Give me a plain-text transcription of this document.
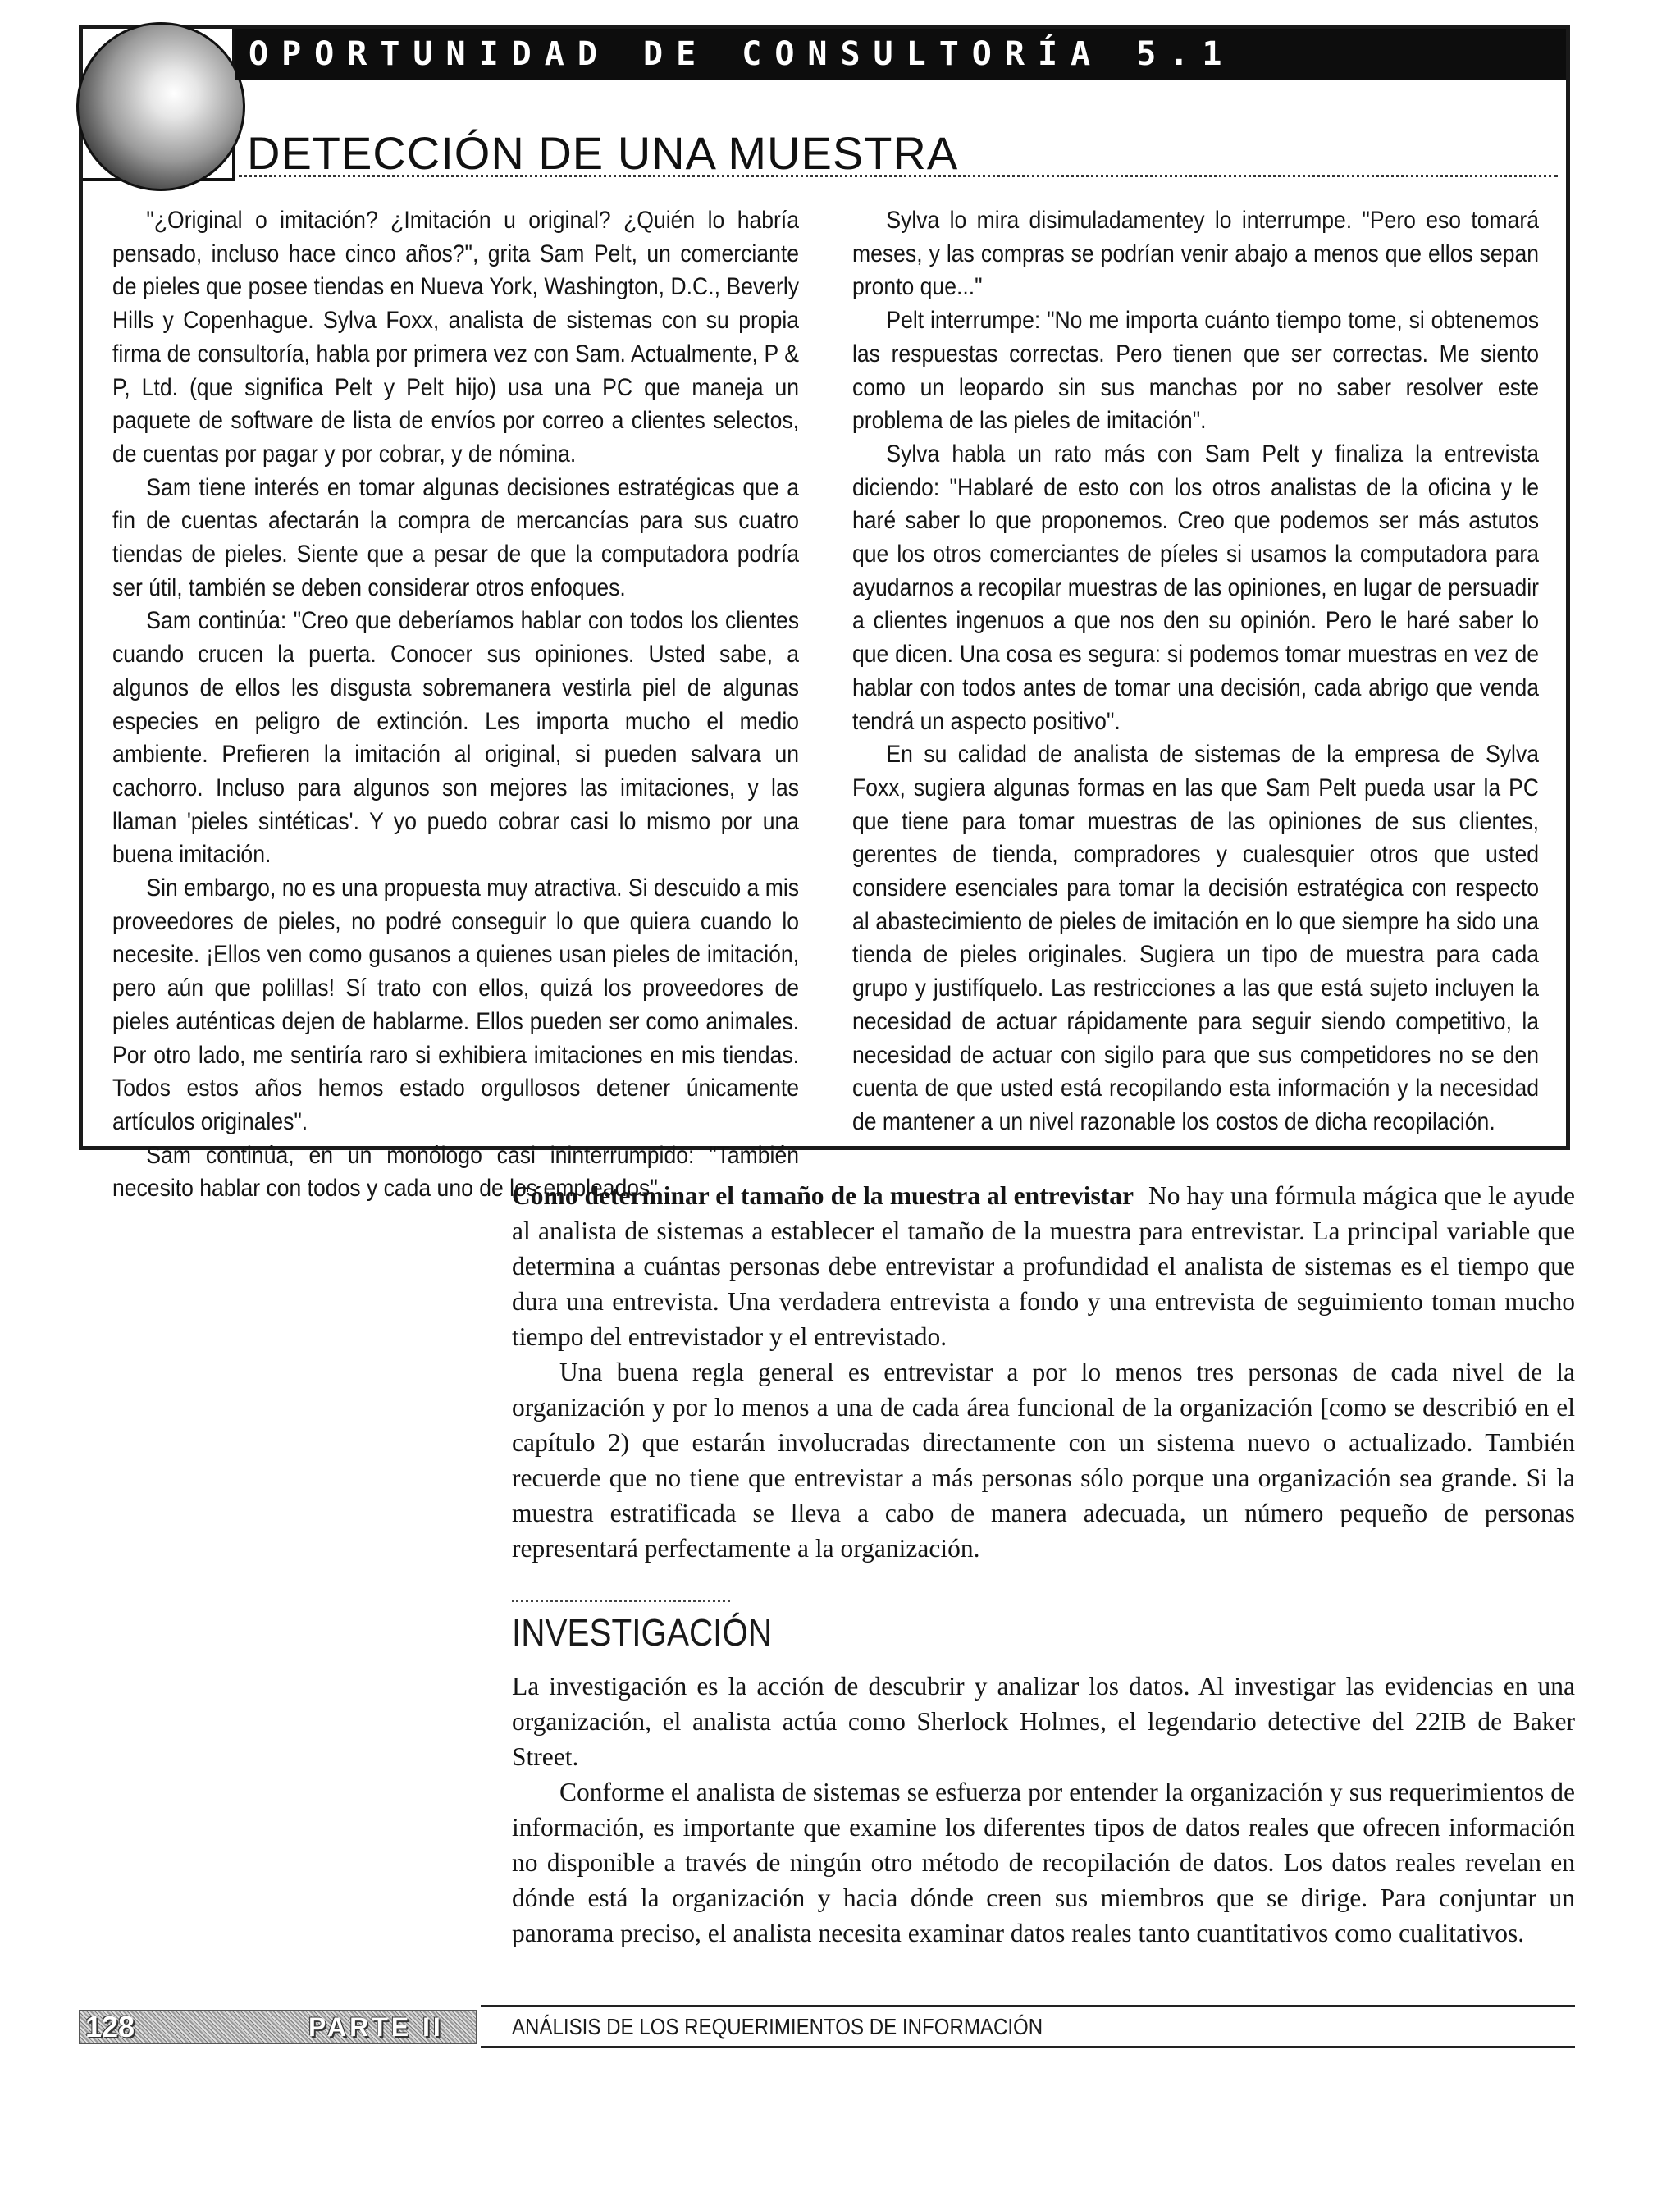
OPORTUNIDAD DE CONSULTORÍA 5.1
DETECCIÓN DE UNA MUESTRA

"¿Original o imitación? ¿Imitación u original? ¿Quién lo habría pensado, incluso hace cinco años?", grita Sam Pelt, un comerciante de pieles que posee tiendas en Nueva York, Washington, D.C., Beverly Hills y Copenhague. Sylva Foxx, analista de sistemas con su propia firma de consultoría, habla por primera vez con Sam. Actualmente, P & P, Ltd. (que significa Pelt y Pelt hijo) usa una PC que maneja un paquete de software de lista de envíos por correo a clientes selectos, de cuentas por pagar y por cobrar, y de nómina.

Sam tiene interés en tomar algunas decisiones estratégicas que a fin de cuentas afectarán la compra de mercancías para sus cuatro tiendas de pieles. Siente que a pesar de que la computadora podría ser útil, también se deben considerar otros enfoques.

Sam continúa: "Creo que deberíamos hablar con todos los clientes cuando crucen la puerta. Conocer sus opiniones. Usted sabe, a algunos de ellos les disgusta sobremanera vestirla piel de algunas especies en peligro de extinción. Les importa mucho el medio ambiente. Prefieren la imitación al original, si pueden salvara un cachorro. Incluso para algunos son mejores las imitaciones, y las llaman 'pieles sintéticas'. Y yo puedo cobrar casi lo mismo por una buena imitación.

Sin embargo, no es una propuesta muy atractiva. Si descuido a mis proveedores de pieles, no podré conseguir lo que quiera cuando lo necesite. ¡Ellos ven como gusanos a quienes usan pieles de imitación, pero aún que polillas! Sí trato con ellos, quizá los proveedores de pieles auténticas dejen de hablarme. Ellos pueden ser como animales. Por otro lado, me sentiría raro si exhibiera imitaciones en mis tiendas. Todos estos años hemos estado orgullosos detener únicamente artículos originales".

Sam continúa, en un monólogo casi ininterrumpido: "También necesito hablar con todos y cada uno de los empleados".

Sylva lo mira disimuladamentey lo interrumpe. "Pero eso tomará meses, y las compras se podrían venir abajo a menos que ellos sepan pronto que..."

Pelt interrumpe: "No me importa cuánto tiempo tome, si obtenemos las respuestas correctas. Pero tienen que ser correctas. Me siento como un leopardo sin sus manchas por no saber resolver este problema de las pieles de imitación".

Sylva habla un rato más con Sam Pelt y finaliza la entrevista diciendo: "Hablaré de esto con los otros analistas de la oficina y le haré saber lo que proponemos. Creo que podemos ser más astutos que los otros comerciantes de píeles si usamos la computadora para ayudarnos a recopilar muestras de las opiniones, en lugar de persuadir a clientes ingenuos a que nos den su opinión. Pero le haré saber lo que dicen. Una cosa es segura: si podemos tomar muestras en vez de hablar con todos antes de tomar una decisión, cada abrigo que venda tendrá un aspecto positivo".

En su calidad de analista de sistemas de la empresa de Sylva Foxx, sugiera algunas formas en las que Sam Pelt pueda usar la PC que tiene para tomar muestras de las opiniones de sus clientes, gerentes de tienda, compradores y cualesquier otros que usted considere esenciales para tomar la decisión estratégica con respecto al abastecimiento de pieles de imitación en lo que siempre ha sido una tienda de pieles originales. Sugiera un tipo de muestra para cada grupo y justifíquelo. Las restricciones a las que está sujeto incluyen la necesidad de actuar rápidamente para seguir siendo competitivo, la necesidad de actuar con sigilo para que sus competidores no se den cuenta de que usted está recopilando esta información y la necesidad de mantener a un nivel razonable los costos de dicha recopilación.

Cómo determinar el tamaño de la muestra al entrevistar No hay una fórmula mágica que le ayude al analista de sistemas a establecer el tamaño de la muestra para entrevistar. La principal variable que determina a cuántas personas debe entrevistar a profundidad el analista de sistemas es el tiempo que dura una entrevista. Una verdadera entrevista a fondo y una entrevista de seguimiento toman mucho tiempo del entrevistador y el entrevistado.

Una buena regla general es entrevistar a por lo menos tres personas de cada nivel de la organización y por lo menos a una de cada área funcional de la organización [como se describió en el capítulo 2) que estarán involucradas directamente con un sistema nuevo o actualizado. También recuerde que no tiene que entrevistar a más personas sólo porque una organización sea grande. Si la muestra estratificada se lleva a cabo de manera adecuada, un número pequeño de personas representará perfectamente a la organización.

INVESTIGACIÓN

La investigación es la acción de descubrir y analizar los datos. Al investigar las evidencias en una organización, el analista actúa como Sherlock Holmes, el legendario detective del 22IB de Baker Street.

Conforme el analista de sistemas se esfuerza por entender la organización y sus requerimientos de información, es importante que examine los diferentes tipos de datos reales que ofrecen información no disponible a través de ningún otro método de recopilación de datos. Los datos reales revelan en dónde está la organización y hacia dónde creen sus miembros que se dirige. Para conjuntar un panorama preciso, el analista necesita examinar datos reales tanto cuantitativos como cualitativos.

128	PARTE II	ANÁLISIS DE LOS REQUERIMIENTOS DE INFORMACIÓN
